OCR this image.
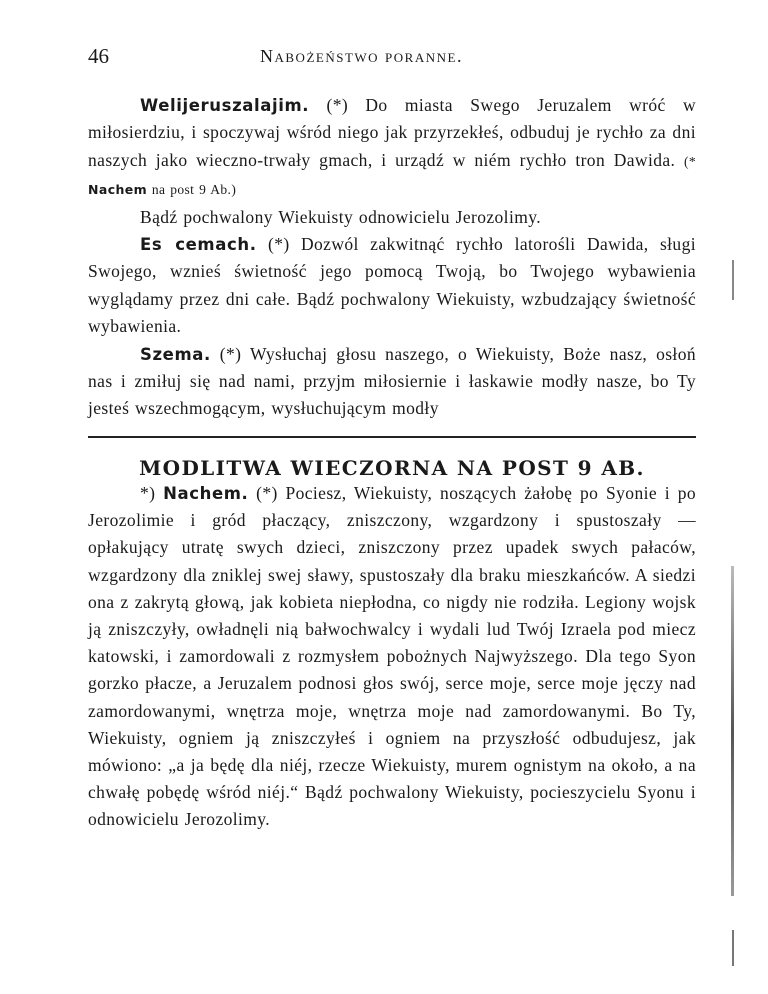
46	Nabożeństwo poranne.

Welijeruszalajim. (*) Do miasta Swego Jeruzalem wróć w miłosierdziu, i spoczywaj wśród niego jak przyrzekłeś, odbuduj je rychło za dni naszych jako wieczno-trwały gmach, i urządź w niém rychło tron Dawida. (* Nachem na post 9 Ab.)

Bądź pochwalony Wiekuisty odnowicielu Jerozolimy.

Es cemach. (*) Dozwól zakwitnąć rychło latorośli Dawida, sługi Swojego, wznieś świetność jego pomocą Twoją, bo Twojego wybawienia wyglądamy przez dni całe. Bądź pochwalony Wiekuisty, wzbudzający świetność wybawienia.

Szema. (*) Wysłuchaj głosu naszego, o Wiekuisty, Boże nasz, osłoń nas i zmiłuj się nad nami, przyjm miłosiernie i łaskawie modły nasze, bo Ty jesteś wszechmogącym, wysłuchującym modły

MODLITWA WIECZORNA NA POST 9 AB.

*) Nachem. (*) Pociesz, Wiekuisty, noszących żałobę po Syonie i po Jerozolimie i gród płaczący, zniszczony, wzgardzony i spustoszały — opłakujący utratę swych dzieci, zniszczony przez upadek swych pałaców, wzgardzony dla zniklej swej sławy, spustoszały dla braku mieszkańców. A siedzi ona z zakrytą głową, jak kobieta niepłodna, co nigdy nie rodziła. Legiony wojsk ją zniszczyły, owładnęli nią bałwochwalcy i wydali lud Twój Izraela pod miecz katowski, i zamordowali z rozmysłem pobożnych Najwyższego. Dla tego Syon gorzko płacze, a Jeruzalem podnosi głos swój, serce moje, serce moje jęczy nad zamordowanymi, wnętrza moje, wnętrza moje nad zamordowanymi. Bo Ty, Wiekuisty, ogniem ją zniszczyłeś i ogniem na przyszłość odbudujesz, jak mówiono: „a ja będę dla niéj, rzecze Wiekuisty, murem ognistym na około, a na chwałę pobędę wśród niéj.“ Bądź pochwalony Wiekuisty, pocieszycielu Syonu i odnowicielu Jerozolimy.
